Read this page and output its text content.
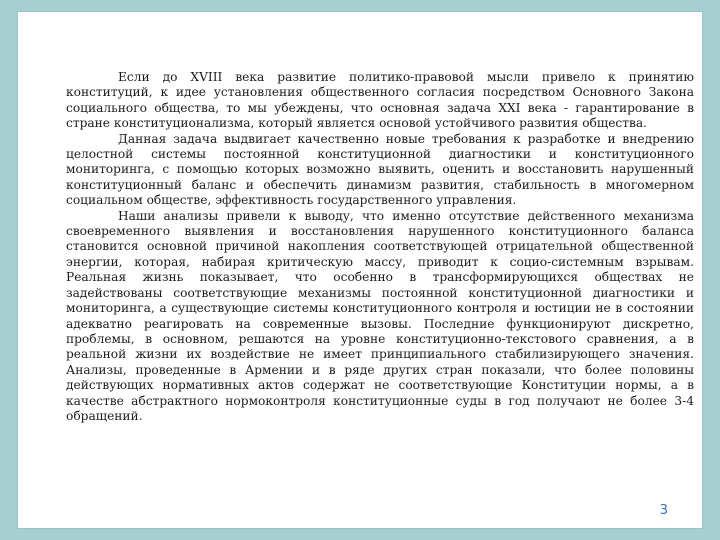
Если до XVIII века развитие политико-правовой мысли привело к принятию конституций, к идее установления общественного согласия посредством Основного Закона социального общества, то мы убеждены, что основная задача XXI века - гарантирование в стране конституционализма, который является основой устойчивого развития общества.

Данная задача выдвигает качественно новые требования к разработке и внедрению целостной системы постоянной конституционной диагностики и конституционного мониторинга, с помощью которых возможно выявить, оценить и восстановить нарушенный конституционный баланс и обеспечить динамизм развития, стабильность в многомерном социальном обществе, эффективность государственного управления.

Наши анализы привели к выводу, что именно отсутствие действенного механизма своевременного выявления и восстановления нарушенного конституционного баланса становится основной причиной накопления соответствующей отрицательной общественной энергии, которая, набирая критическую массу, приводит к социо-системным взрывам. Реальная жизнь показывает, что особенно в трансформирующихся обществах не задействованы соответствующие механизмы постоянной конституционной диагностики и мониторинга, а существующие системы конституционного контроля и юстиции не в состоянии адекватно реагировать на современные вызовы. Последние функционируют дискретно, проблемы, в основном, решаются на уровне конституционно-текстового сравнения, а в реальной жизни их воздействие не имеет принципиального стабилизирующего значения. Анализы, проведенные в Армении и в ряде других стран показали, что более половины действующих нормативных актов содержат не соответствующие Конституции нормы, а в качестве абстрактного нормоконтроля конституционные суды в год получают не более 3-4 обращений.

3
